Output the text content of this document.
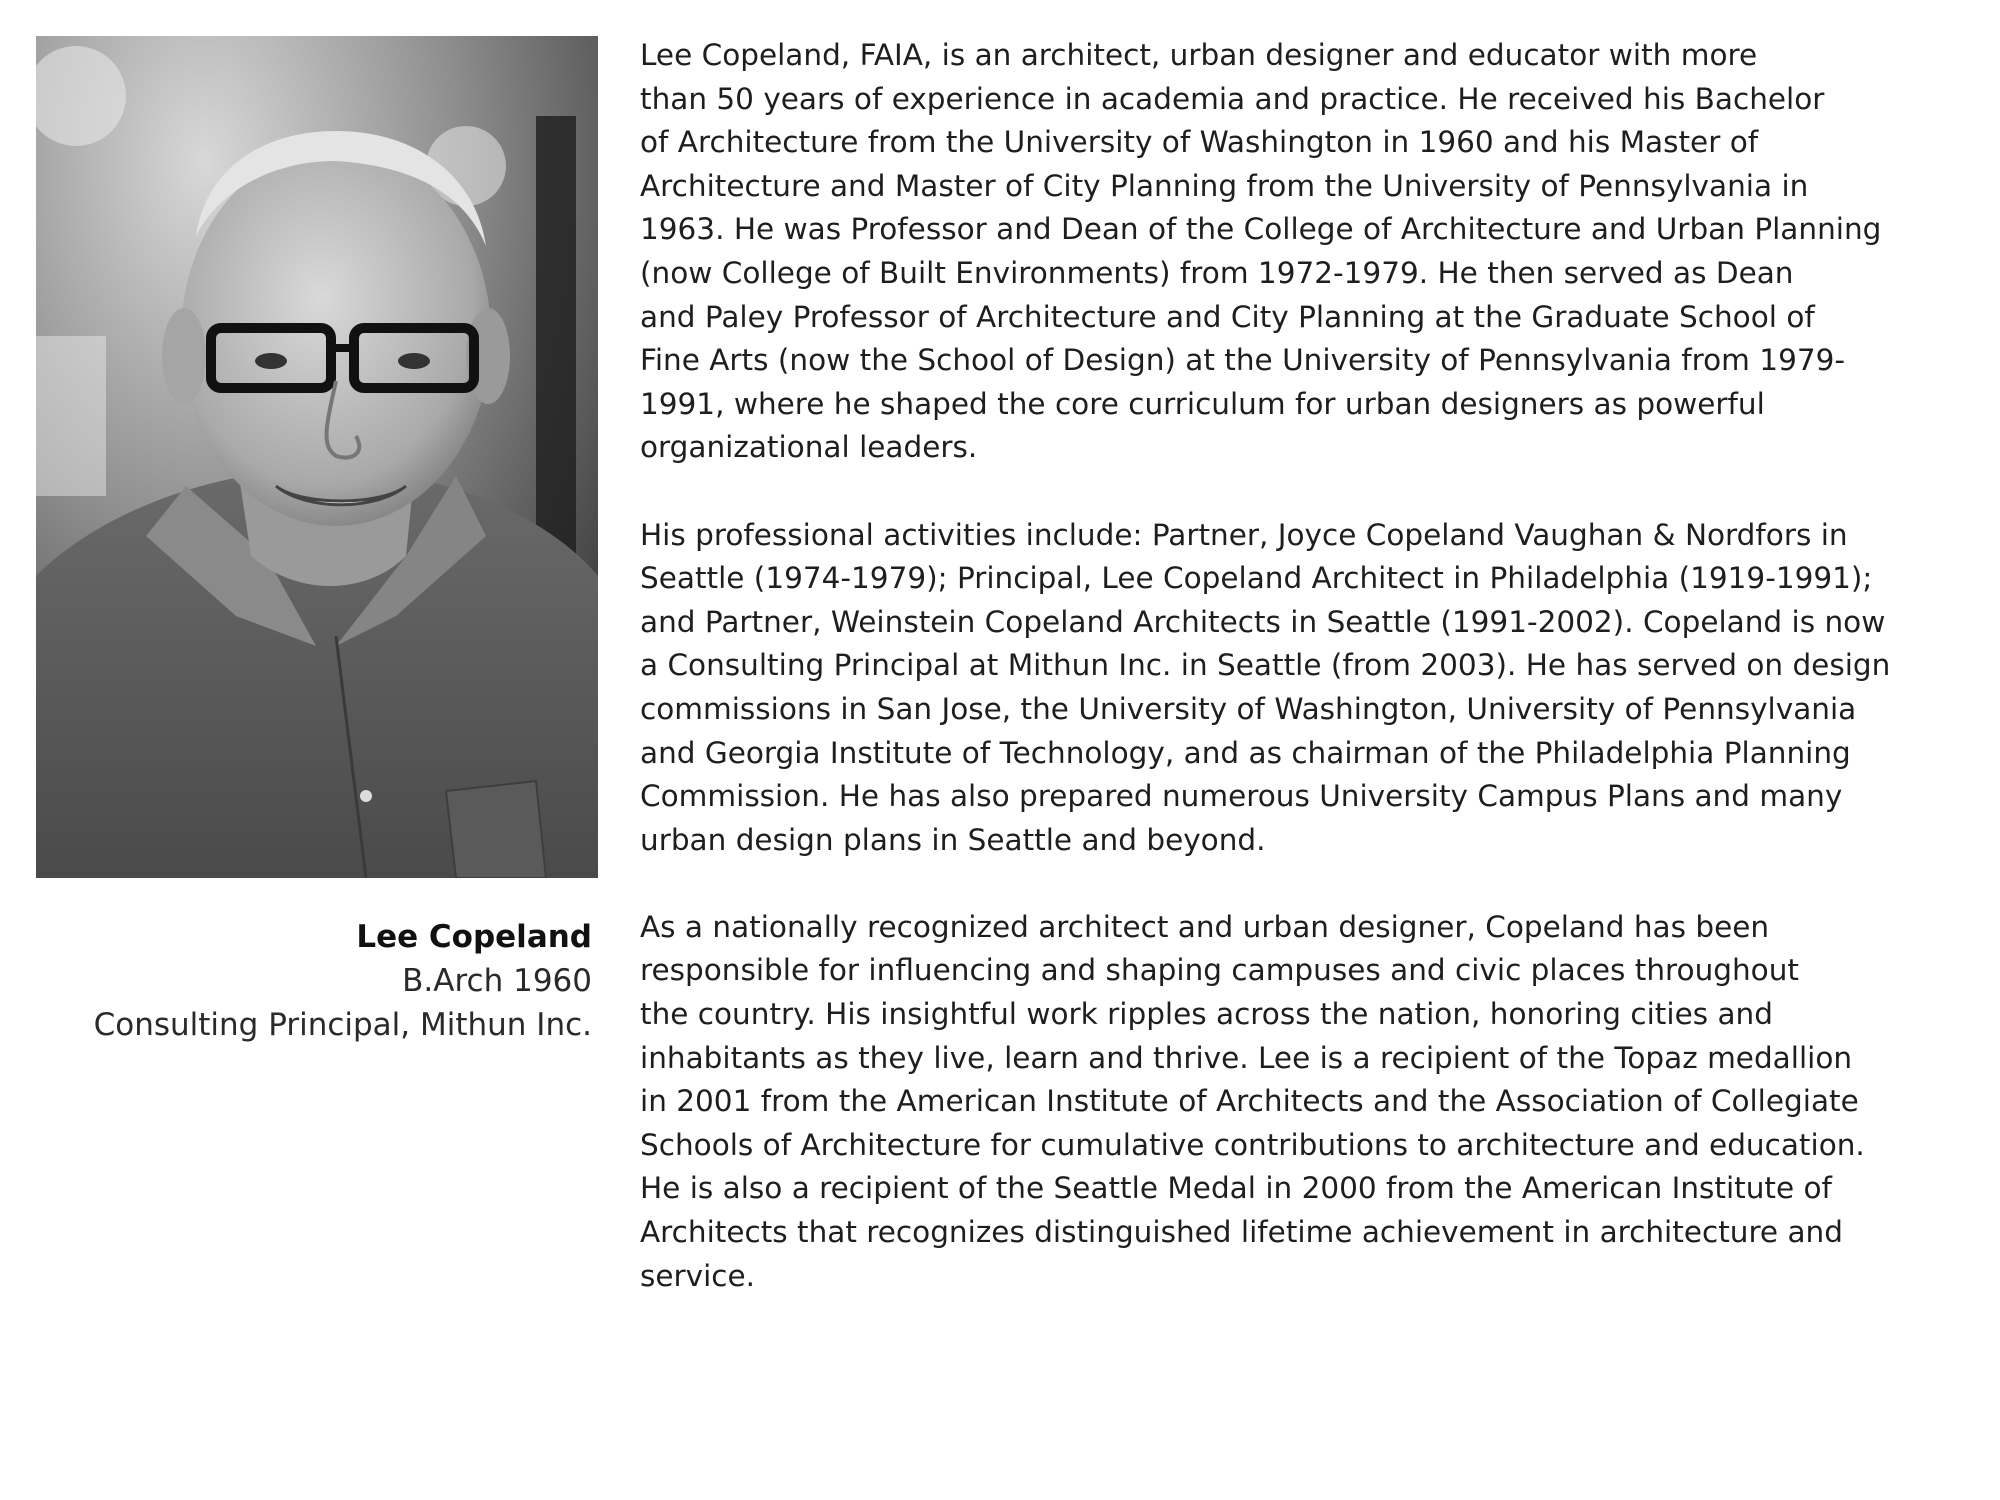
Lee Copeland
B.Arch 1960
Consulting Principal, Mithun Inc.

Lee Copeland, FAIA, is an architect, urban designer and educator with more
than 50 years of experience in academia and practice. He received his Bachelor
of Architecture from the University of Washington in 1960 and his Master of
Architecture and Master of City Planning from the University of Pennsylvania in
1963. He was Professor and Dean of the College of Architecture and Urban Planning
(now College of Built Environments) from 1972-1979. He then served as Dean
and Paley Professor of Architecture and City Planning at the Graduate School of
Fine Arts (now the School of Design) at the University of Pennsylvania from 1979-
1991, where he shaped the core curriculum for urban designers as powerful
organizational leaders.

His professional activities include: Partner, Joyce Copeland Vaughan & Nordfors in
Seattle (1974-1979); Principal, Lee Copeland Architect in Philadelphia (1919-1991);
and Partner, Weinstein Copeland Architects in Seattle (1991-2002). Copeland is now
a Consulting Principal at Mithun Inc. in Seattle (from 2003). He has served on design
commissions in San Jose, the University of Washington, University of Pennsylvania
and Georgia Institute of Technology, and as chairman of the Philadelphia Planning
Commission. He has also prepared numerous University Campus Plans and many
urban design plans in Seattle and beyond.

As a nationally recognized architect and urban designer, Copeland has been
responsible for influencing and shaping campuses and civic places throughout
the country. His insightful work ripples across the nation, honoring cities and
inhabitants as they live, learn and thrive. Lee is a recipient of the Topaz medallion
in 2001 from the American Institute of Architects and the Association of Collegiate
Schools of Architecture for cumulative contributions to architecture and education.
He is also a recipient of the Seattle Medal in 2000 from the American Institute of
Architects that recognizes distinguished lifetime achievement in architecture and
service.
